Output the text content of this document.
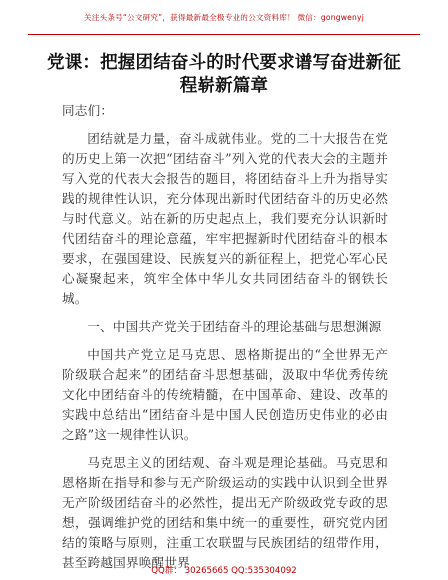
关注头条号“公文研究”，获得最新最全极专业的公文资料库！ 微信：gongwenyj
党课：把握团结奋斗的时代要求谱写奋进新征
程崭新篇章

同志们：

团结就是力量，奋斗成就伟业。党的二十大报告在党的历史上第一次把“团结奋斗”列入党的代表大会的主题并写入党的代表大会报告的题目，将团结奋斗上升为指导实践的规律性认识，充分体现出新时代团结奋斗的历史必然与时代意义。站在新的历史起点上，我们要充分认识新时代团结奋斗的理论意蕴，牢牢把握新时代团结奋斗的根本要求，在强国建设、民族复兴的新征程上，把党心军心民心凝聚起来，筑牢全体中华儿女共同团结奋斗的钢铁长城。

一、中国共产党关于团结奋斗的理论基础与思想渊源

中国共产党立足马克思、恩格斯提出的“全世界无产阶级联合起来”的团结奋斗思想基础，汲取中华优秀传统文化中团结奋斗的传统精髓，在中国革命、建设、改革的实践中总结出“团结奋斗是中国人民创造历史伟业的必由之路”这一规律性认识。

马克思主义的团结观、奋斗观是理论基础。马克思和恩格斯在指导和参与无产阶级运动的实践中认识到全世界无产阶级团结奋斗的必然性，提出无产阶级政党专政的思想，强调维护党的团结和集中统一的重要性，研究党内团结的策略与原则，注重工农联盟与民族团结的纽带作用，甚至跨越国界唤醒世界

QQ群： 30265665 QQ:535304092
